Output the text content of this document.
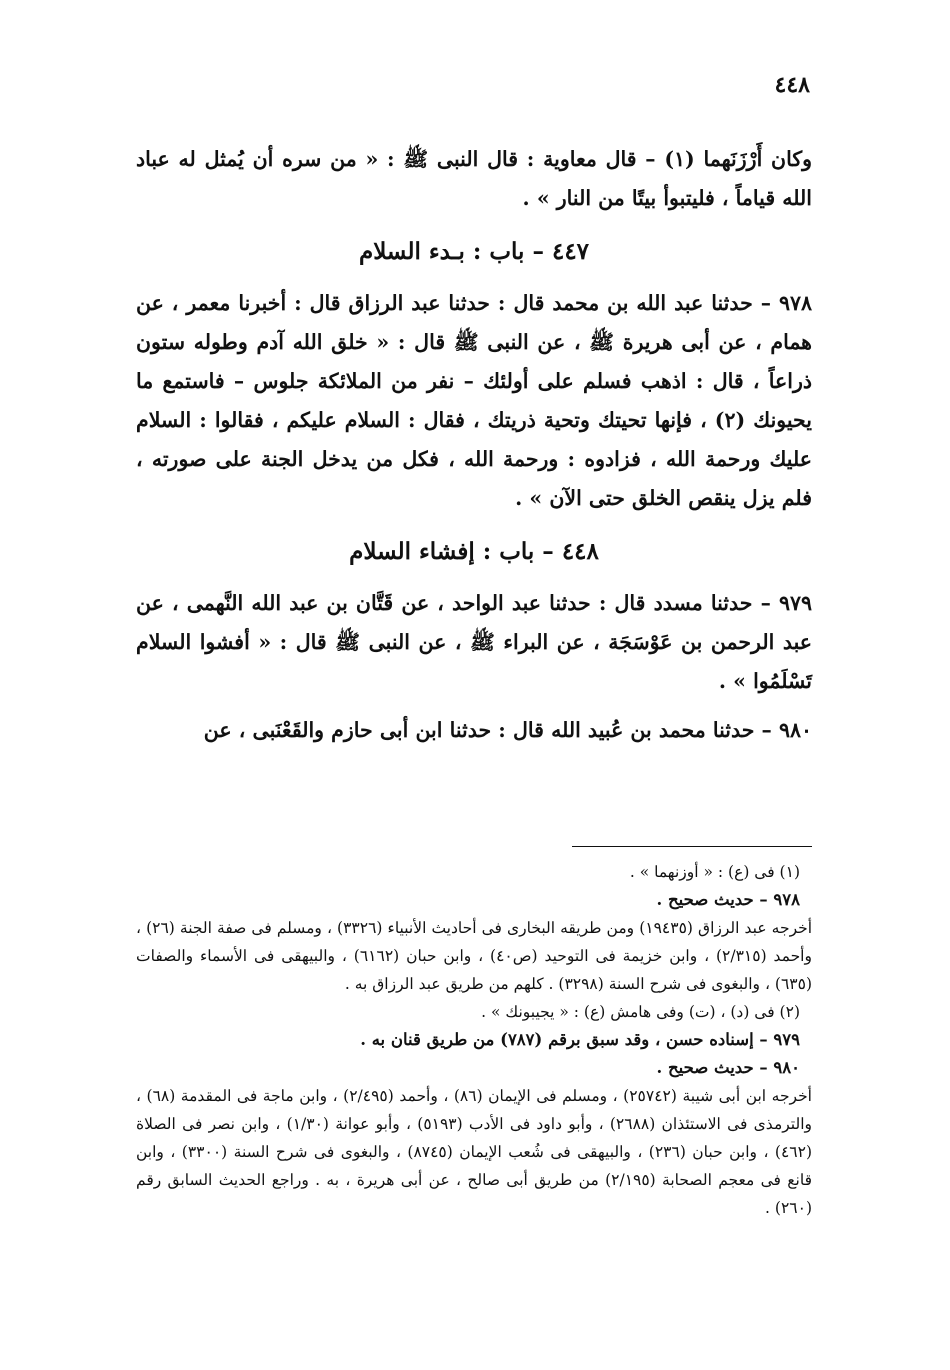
٤٤٨

وكان أَرْزَنَهما (١) – قال معاوية : قال النبى ﷺ : « من سره أن يُمثل له عباد الله قياماً ، فليتبوأ بيتًا من النار » .

٤٤٧ – باب : بـدء السلام

٩٧٨ – حدثنا عبد الله بن محمد قال : حدثنا عبد الرزاق قال : أخبرنا معمر ، عن همام ، عن أبى هريرة ﷺ ، عن النبى ﷺ قال : « خلق الله آدم وطوله ستون ذراعاً ، قال : اذهب فسلم على أولئك – نفر من الملائكة جلوس – فاستمع ما يحيونك (٢) ، فإنها تحيتك وتحية ذريتك ، فقال : السلام عليكم ، فقالوا : السلام عليك ورحمة الله ، فزادوه : ورحمة الله ، فكل من يدخل الجنة على صورته ، فلم يزل ينقص الخلق حتى الآن » .

٤٤٨ – باب : إفشاء السلام

٩٧٩ – حدثنا مسدد قال : حدثنا عبد الواحد ، عن قَتَّان بن عبد الله النَّهمى ، عن عبد الرحمن بن عَوْسَجَة ، عن البراء ﷺ ، عن النبى ﷺ قال : « أفشوا السلام تَسْلَمُوا » .

٩٨٠ – حدثنا محمد بن عُبيد الله قال : حدثنا ابن أبى حازم والقَعْنَبى ، عن

(١) فى (ع) : « أوزنهما » .

٩٧٨ – حديث صحيح .

أخرجه عبد الرزاق (١٩٤٣٥) ومن طريقه البخارى فى أحاديث الأنبياء (٣٣٢٦) ، ومسلم فى صفة الجنة (٢٦) ، وأحمد (٢/٣١٥) ، وابن خزيمة فى التوحيد (ص٤٠) ، وابن حبان (٦١٦٢) ، والبيهقى فى الأسماء والصفات (٦٣٥) ، والبغوى فى شرح السنة (٣٢٩٨) . كلهم من طريق عبد الرزاق به .

(٢) فى (د) ، (ت) وفى هامش (ع) : « يجيبونك » .

٩٧٩ – إسناده حسن ، وقد سبق برقم (٧٨٧) من طريق قنان به .

٩٨٠ – حديث صحيح .

أخرجه ابن أبى شيبة (٢٥٧٤٢) ، ومسلم فى الإيمان (٨٦) ، وأحمد (٢/٤٩٥) ، وابن ماجة فى المقدمة (٦٨) ، والترمذى فى الاستئذان (٢٦٨٨) ، وأبو داود فى الأدب (٥١٩٣) ، وأبو عوانة (١/٣٠) ، وابن نصر فى الصلاة (٤٦٢) ، وابن حبان (٢٣٦) ، والبيهقى فى شُعب الإيمان (٨٧٤٥) ، والبغوى فى شرح السنة (٣٣٠٠) ، وابن قانع فى معجم الصحابة (٢/١٩٥) من طريق أبى صالح ، عن أبى هريرة ، به . وراجع الحديث السابق رقم (٢٦٠) .
